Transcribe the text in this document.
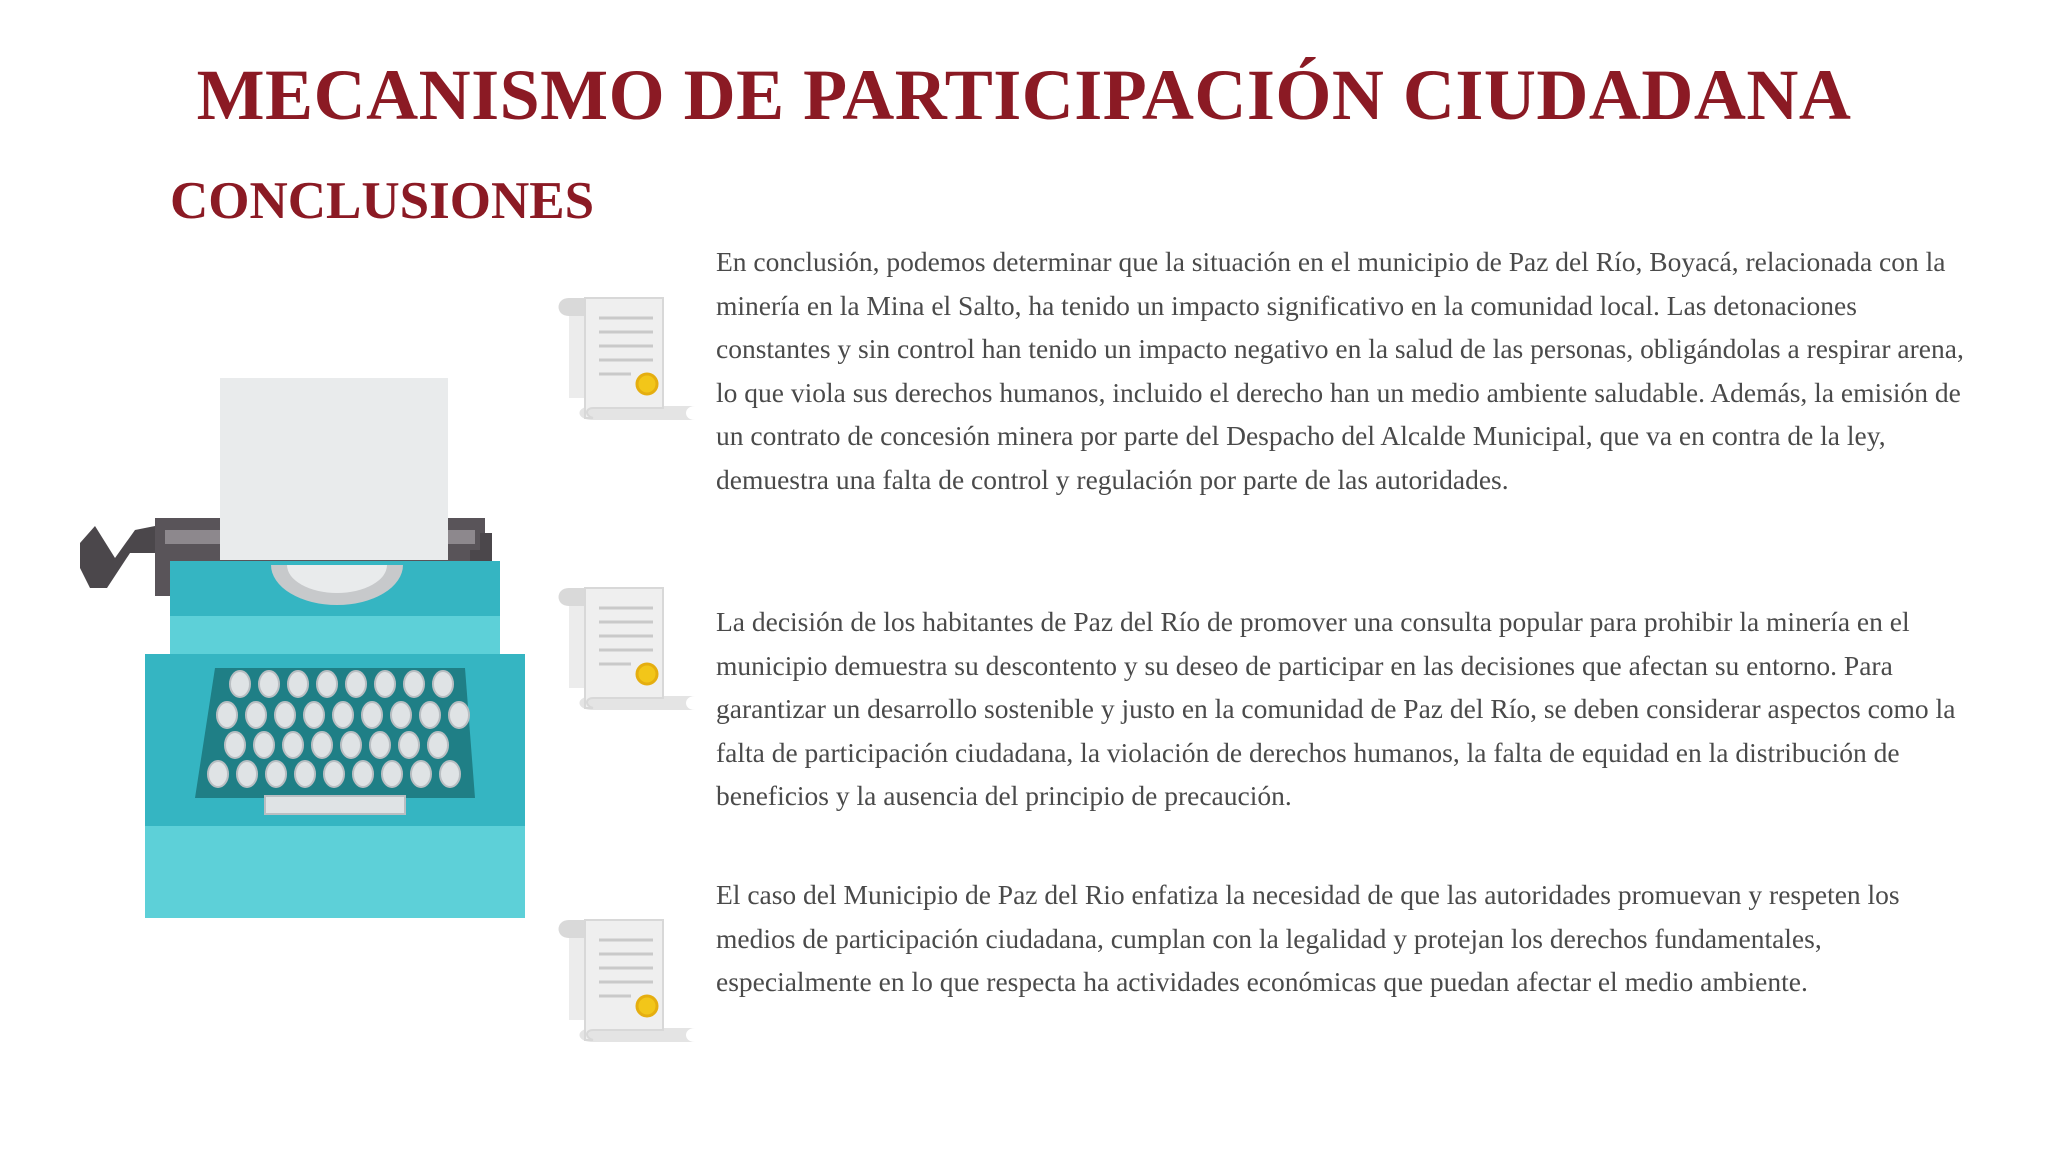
MECANISMO DE PARTICIPACIÓN CIUDADANA
CONCLUSIONES

En conclusión, podemos determinar que la situación en el municipio de Paz del Río, Boyacá, relacionada con la minería en la Mina el Salto, ha tenido un impacto significativo en la comunidad local. Las detonaciones constantes y sin control han tenido un impacto negativo en la salud de las personas, obligándolas a respirar arena, lo que viola sus derechos humanos, incluido el derecho han un medio ambiente saludable. Además, la emisión de un contrato de concesión minera por parte del Despacho del Alcalde Municipal, que va en contra de la ley, demuestra una falta de control y regulación por parte de las autoridades.

La decisión de los habitantes de Paz del Río de promover una consulta popular para prohibir la minería en el municipio demuestra su descontento y su deseo de participar en las decisiones que afectan su entorno. Para garantizar un desarrollo sostenible y justo en la comunidad de Paz del Río, se deben considerar aspectos como la falta de participación ciudadana, la violación de derechos humanos, la falta de equidad en la distribución de beneficios y la ausencia del principio de precaución.

El caso del Municipio de Paz del Rio enfatiza la necesidad de que las autoridades promuevan y respeten los medios de participación ciudadana, cumplan con la legalidad y protejan los derechos fundamentales, especialmente en lo que respecta ha actividades económicas que puedan afectar el medio ambiente.
